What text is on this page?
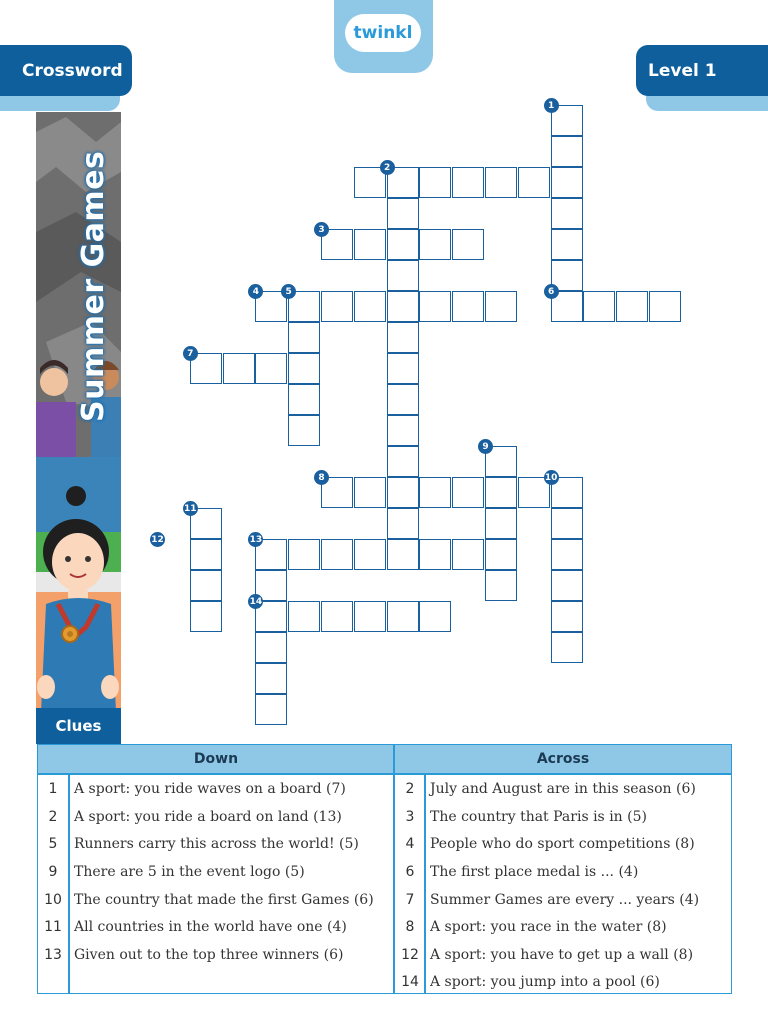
Crossword	Level 1
twinkl
Summer Games
Clues
1
2
3
4	5	6
7
8
9
10
11
12	13
14
Down	Across
1	A sport: you ride waves on a board (7)
2	A sport: you ride a board on land (13)
5	Runners carry this across the world! (5)
9	There are 5 in the event logo (5)
10 The country that made the first Games (6)
11 All countries in the world have one (4)
13 Given out to the top three winners (6)
2	July and August are in this season (6)
3	The country that Paris is in (5)
4	People who do sport competitions (8)
6	The first place medal is ... (4)
7	Summer Games are every ... years (4)
8	A sport: you race in the water (8)
12 A sport: you have to get up a wall (8)
14 A sport: you jump into a pool (6)
